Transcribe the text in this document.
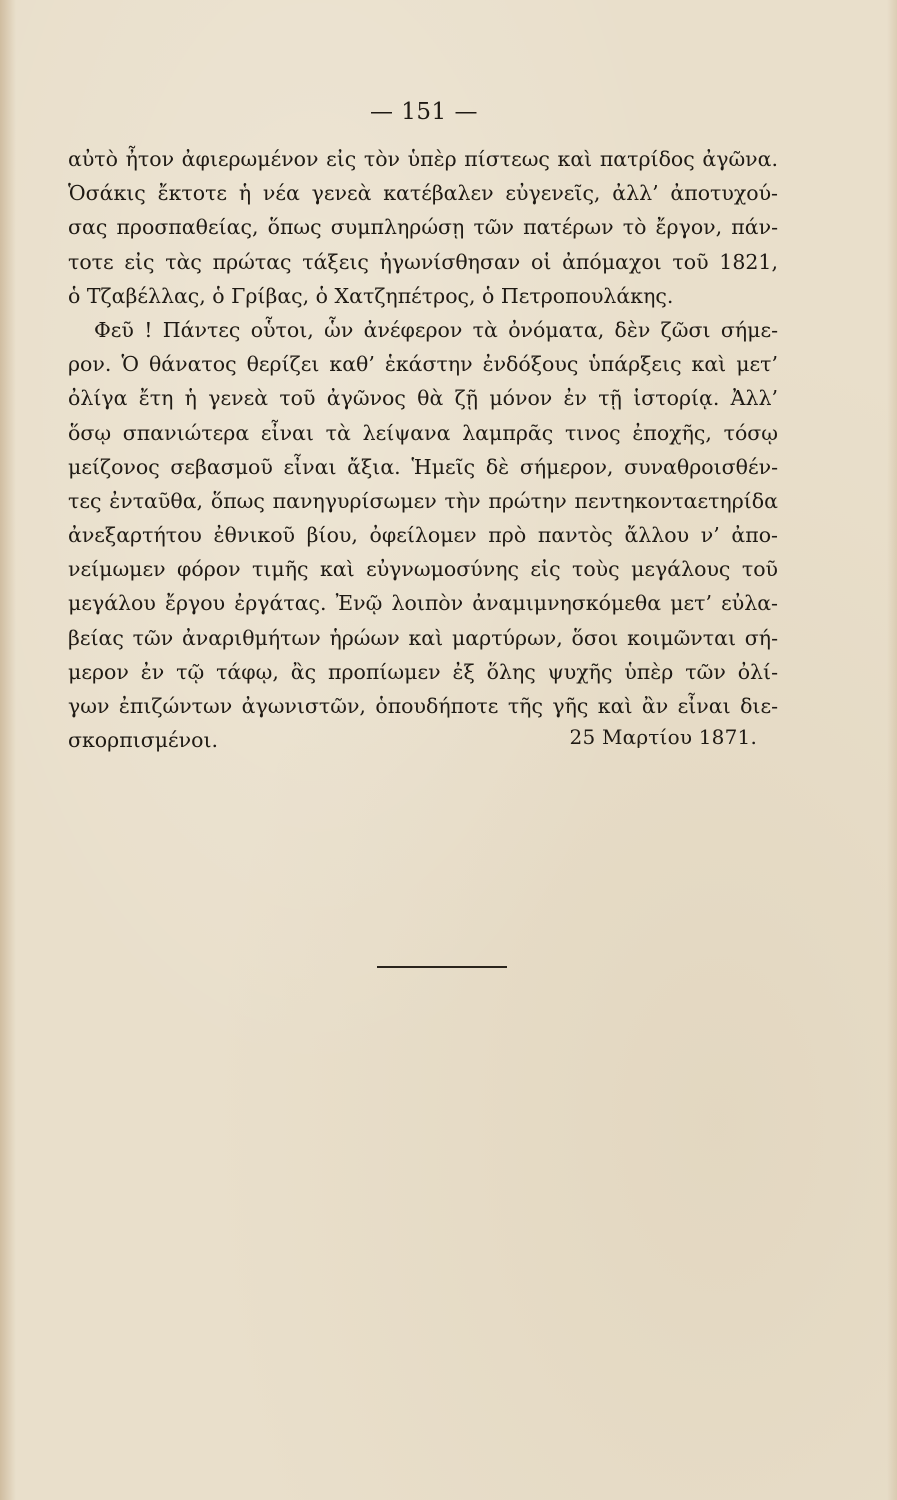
— 151 —
αὐτὸ ἦτον ἀφιερωμένον εἰς τὸν ὑπὲρ πίστεως καὶ πατρίδος ἀγῶνα.
Ὁσάκις ἔκτοτε ἡ νέα γενεὰ κατέβαλεν εὐγενεῖς, ἀλλ’ ἀποτυχού-
σας προσπαθείας, ὅπως συμπληρώσῃ τῶν πατέρων τὸ ἔργον, πάν-
τοτε εἰς τὰς πρώτας τάξεις ἠγωνίσθησαν οἱ ἀπόμαχοι τοῦ 1821,
ὁ Τζαβέλλας, ὁ Γρίβας, ὁ Χατζηπέτρος, ὁ Πετροπουλάκης.
Φεῦ ! Πάντες οὗτοι, ὧν ἀνέφερον τὰ ὀνόματα, δὲν ζῶσι σήμε-
ρον. Ὁ θάνατος θερίζει καθ’ ἑκάστην ἐνδόξους ὑπάρξεις καὶ μετ’
ὀλίγα ἔτη ἡ γενεὰ τοῦ ἀγῶνος θὰ ζῇ μόνον ἐν τῇ ἱστορίᾳ. Ἀλλ’
ὅσῳ σπανιώτερα εἶναι τὰ λείψανα λαμπρᾶς τινος ἐποχῆς, τόσῳ
μείζονος σεβασμοῦ εἶναι ἄξια. Ἡμεῖς δὲ σήμερον, συναθροισθέν-
τες ἐνταῦθα, ὅπως πανηγυρίσωμεν τὴν πρώτην πεντηκονταετηρίδα
ἀνεξαρτήτου ἐθνικοῦ βίου, ὀφείλομεν πρὸ παντὸς ἄλλου ν’ ἀπο-
νείμωμεν φόρον τιμῆς καὶ εὐγνωμοσύνης εἰς τοὺς μεγάλους τοῦ
μεγάλου ἔργου ἐργάτας. Ἐνῷ λοιπὸν ἀναμιμνησκόμεθα μετ’ εὐλα-
βείας τῶν ἀναριθμήτων ἡρώων καὶ μαρτύρων, ὅσοι κοιμῶνται σή-
μερον ἐν τῷ τάφῳ, ἂς προπίωμεν ἐξ ὅλης ψυχῆς ὑπὲρ τῶν ὀλί-
γων ἐπιζώντων ἀγωνιστῶν, ὁπουδήποτε τῆς γῆς καὶ ἂν εἶναι διε-
σκορπισμένοι.	25 Μαρτίου 1871.
